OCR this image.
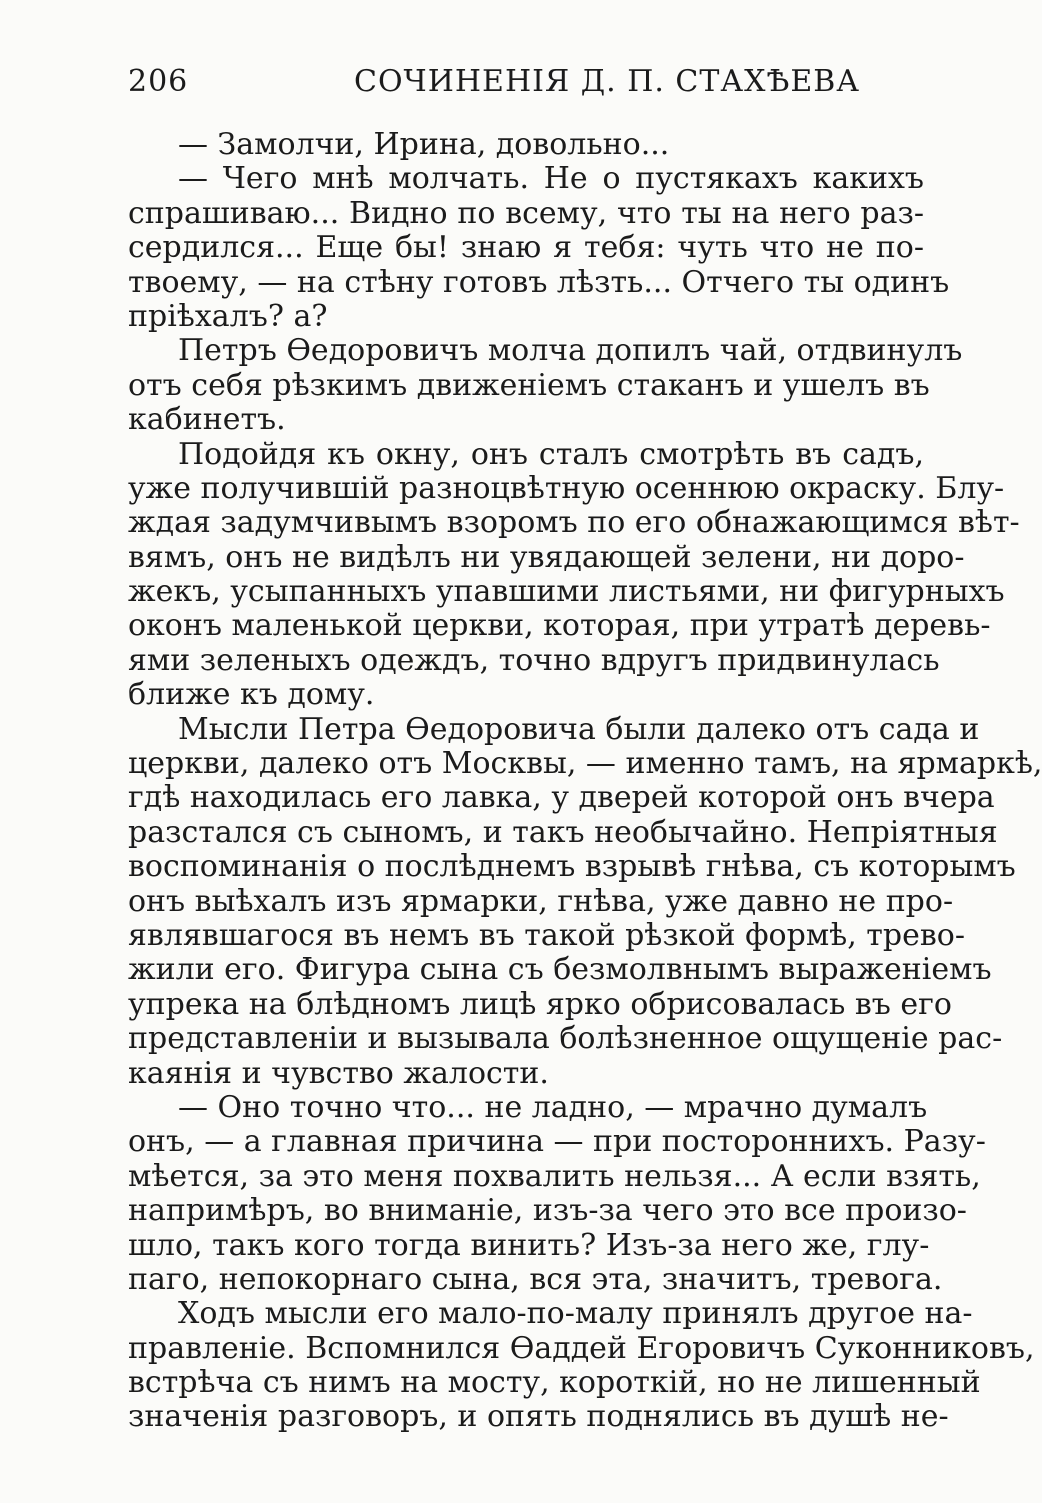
206	СОЧИНЕНІЯ Д. П. СТАХѢЕВА
— Замолчи, Ирина, довольно...
— Чего мнѣ молчать. Не о пустякахъ какихъ
спрашиваю... Видно по всему, что ты на него раз-
сердился... Еще бы! знаю я тебя: чуть что не по-
твоему, — на стѣну готовъ лѣзть... Отчего ты одинъ
пріѣхалъ? а?
Петръ Ѳедоровичъ молча допилъ чай, отдвинулъ
отъ себя рѣзкимъ движеніемъ стаканъ и ушелъ въ
кабинетъ.
Подойдя къ окну, онъ сталъ смотрѣть въ садъ,
уже получившій разноцвѣтную осеннюю окраску. Блу-
ждая задумчивымъ взоромъ по его обнажающимся вѣт-
вямъ, онъ не видѣлъ ни увядающей зелени, ни доро-
жекъ, усыпанныхъ упавшими листьями, ни фигурныхъ
оконъ маленькой церкви, которая, при утратѣ деревь-
ями зеленыхъ одеждъ, точно вдругъ придвинулась
ближе къ дому.
Мысли Петра Ѳедоровича были далеко отъ сада и
церкви, далеко отъ Москвы, — именно тамъ, на ярмаркѣ,
гдѣ находилась его лавка, у дверей которой онъ вчера
разстался съ сыномъ, и такъ необычайно. Непріятныя
воспоминанія о послѣднемъ взрывѣ гнѣва, съ которымъ
онъ выѣхалъ изъ ярмарки, гнѣва, уже давно не про-
являвшагося въ немъ въ такой рѣзкой формѣ, трево-
жили его. Фигура сына съ безмолвнымъ выраженіемъ
упрека на блѣдномъ лицѣ ярко обрисовалась въ его
представленіи и вызывала болѣзненное ощущеніе рас-
каянія и чувство жалости.
— Оно точно что... не ладно, — мрачно думалъ
онъ, — а главная причина — при постороннихъ. Разу-
мѣется, за это меня похвалить нельзя... А если взять,
напримѣръ, во вниманіе, изъ-за чего это все произо-
шло, такъ кого тогда винить? Изъ-за него же, глу-
паго, непокорнаго сына, вся эта, значитъ, тревога.
Ходъ мысли его мало-по-малу принялъ другое на-
правленіе. Вспомнился Ѳаддей Егоровичъ Суконниковъ,
встрѣча съ нимъ на мосту, короткій, но не лишенный
значенія разговоръ, и опять поднялись въ душѣ не-
